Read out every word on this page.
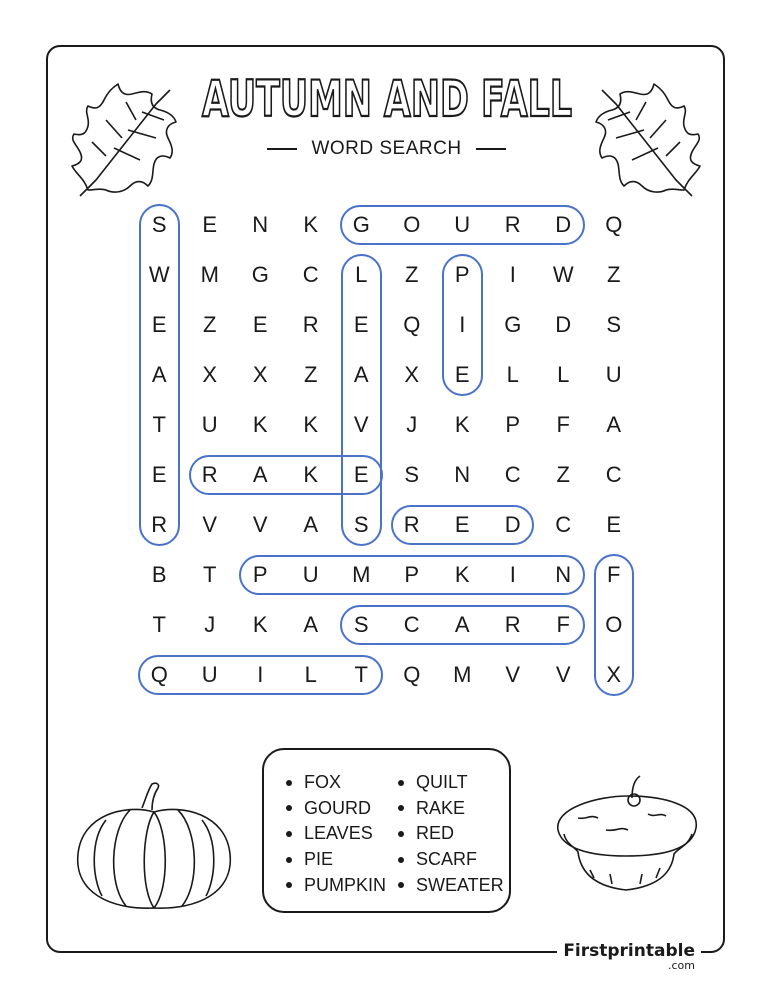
AUTUMN AND FALL
WORD SEARCH
S	E	N	K	G	O	U	R	D	Q
W	M	G	C	L	Z	P	I	W	Z
E	Z	E	R	E	Q	I	G	D	S
A	X	X	Z	A	X	E	L	L	U
T	U	K	K	V	J	K	P	F	A
E	R	A	K	E	S	N	C	Z	C
R	V	V	A	S	R	E	D	C	E
B	T	P	U	M	P	K	I	N	F
T	J	K	A	S	C	A	R	F	O
Q	U	I	L	T	Q	M	V	V	X
FOX
GOURD
LEAVES
PIE
PUMPKIN
QUILT
RAKE
RED
SCARF
SWEATER
Firstprintable
.com
